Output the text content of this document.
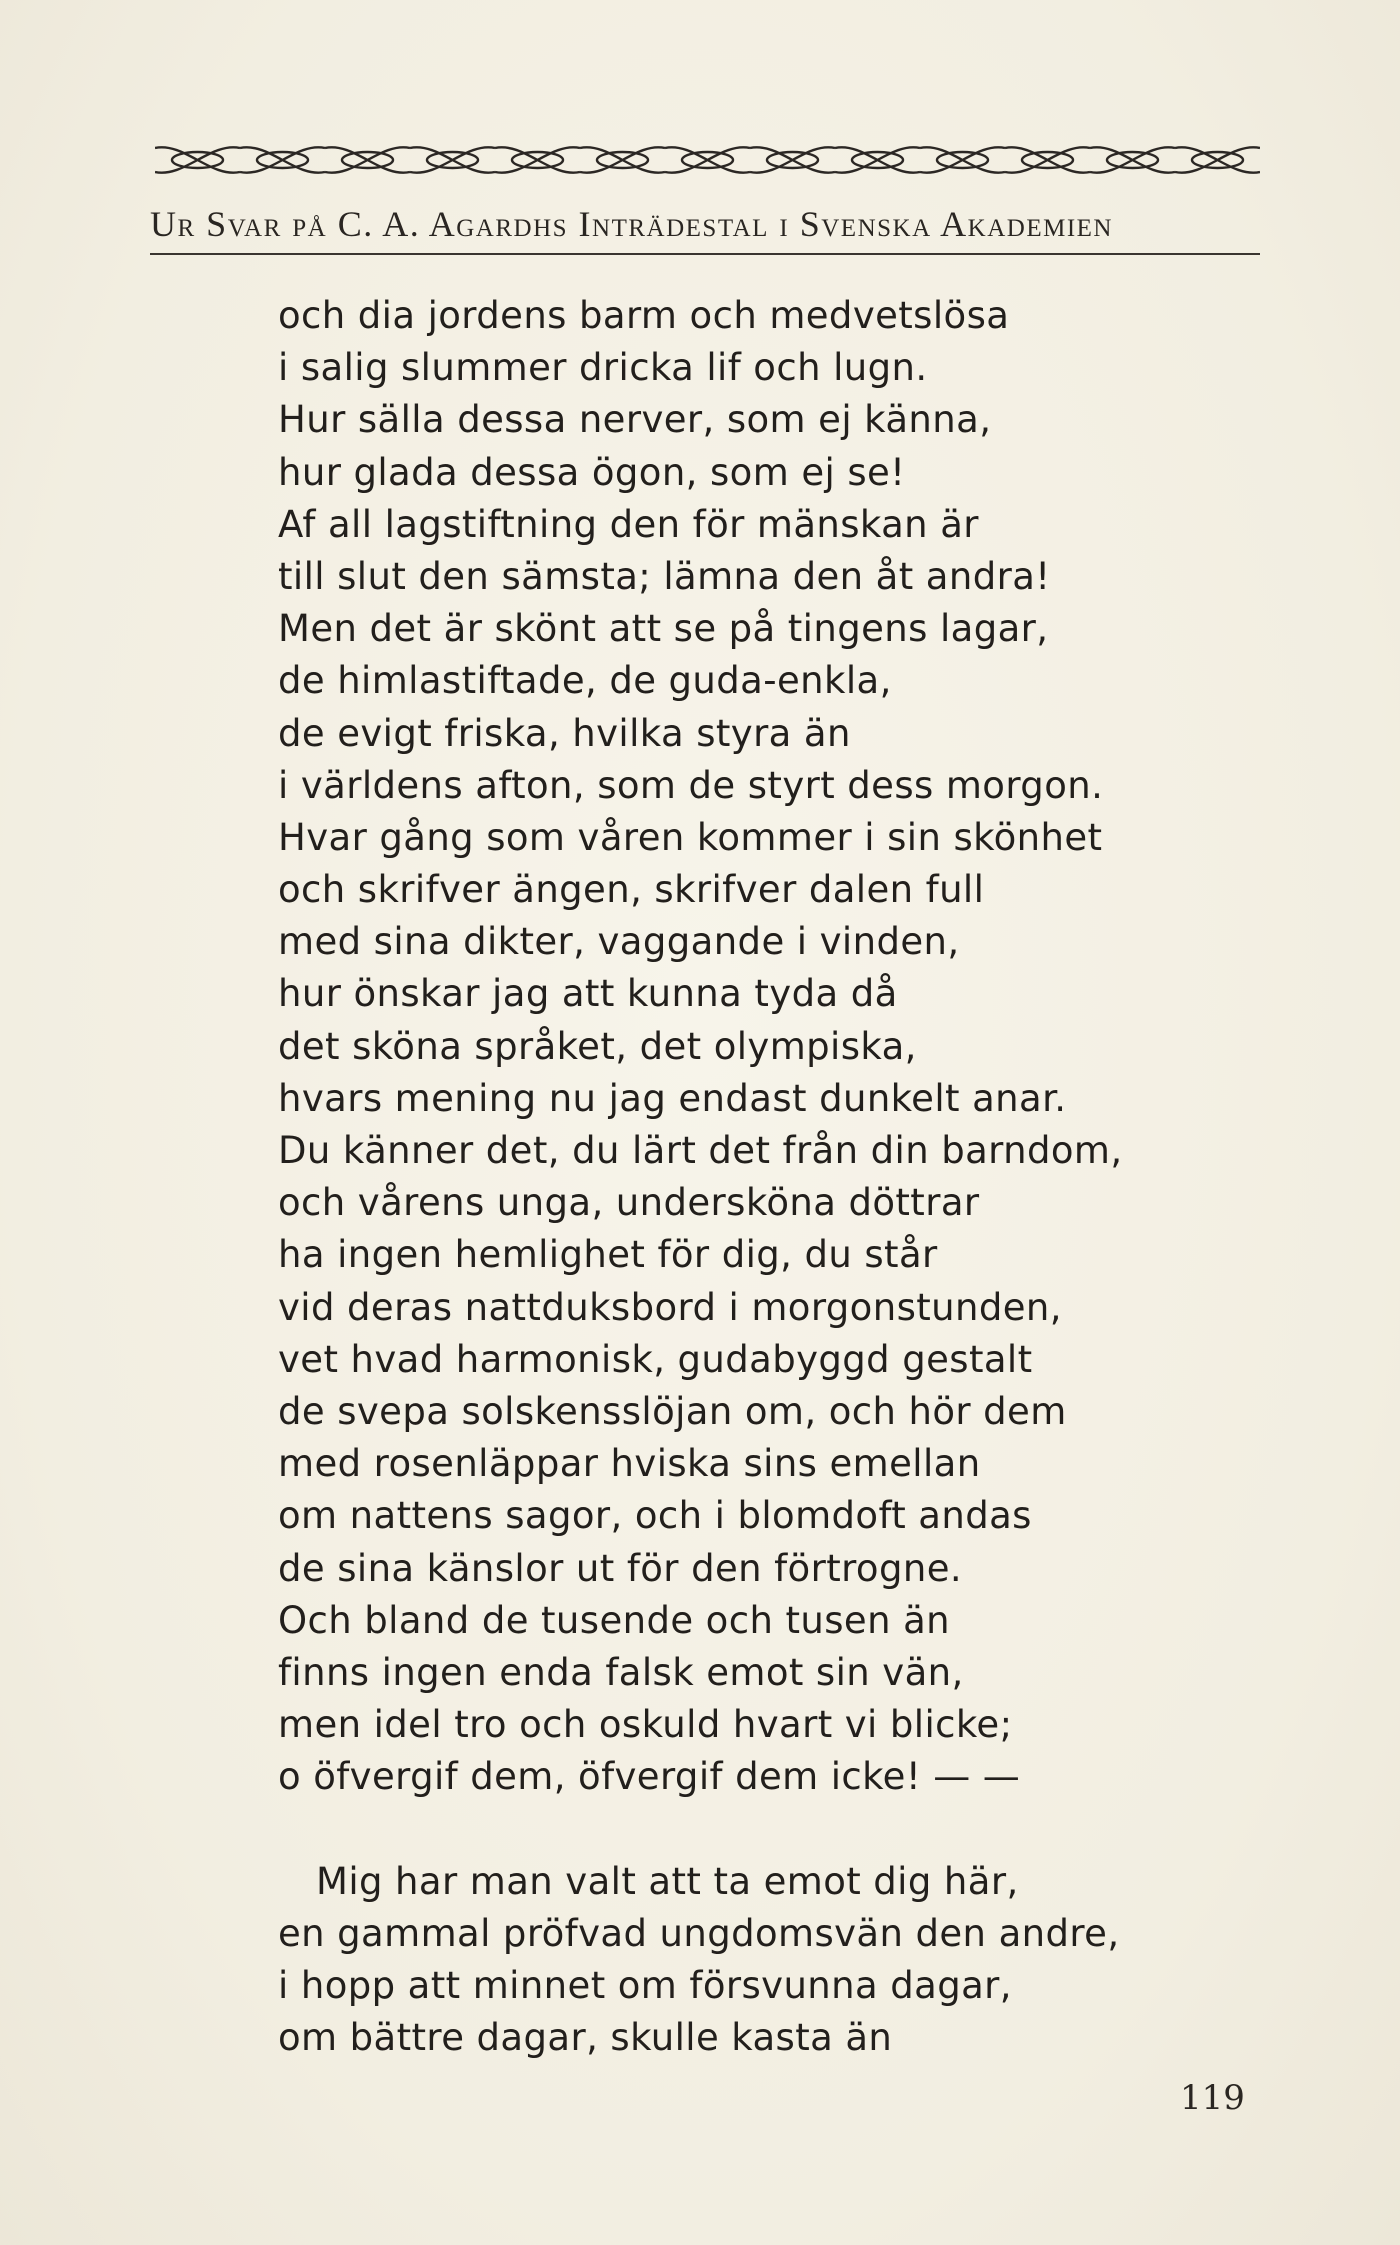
Ur Svar på C. A. Agardhs Inträdestal i Svenska Akademien
och dia jordens barm och medvetslösa
i salig slummer dricka lif och lugn.
Hur sälla dessa nerver, som ej känna,
hur glada dessa ögon, som ej se!
Af all lagstiftning den för mänskan är
till slut den sämsta; lämna den åt andra!
Men det är skönt att se på tingens lagar,
de himlastiftade, de guda-enkla,
de evigt friska, hvilka styra än
i världens afton, som de styrt dess morgon.
Hvar gång som våren kommer i sin skönhet
och skrifver ängen, skrifver dalen full
med sina dikter, vaggande i vinden,
hur önskar jag att kunna tyda då
det sköna språket, det olympiska,
hvars mening nu jag endast dunkelt anar.
Du känner det, du lärt det från din barndom,
och vårens unga, undersköna döttrar
ha ingen hemlighet för dig, du står
vid deras nattduksbord i morgonstunden,
vet hvad harmonisk, gudabyggd gestalt
de svepa solskensslöjan om, och hör dem
med rosenläppar hviska sins emellan
om nattens sagor, och i blomdoft andas
de sina känslor ut för den förtrogne.
Och bland de tusende och tusen än
finns ingen enda falsk emot sin vän,
men idel tro och oskuld hvart vi blicke;
o öfvergif dem, öfvergif dem icke! — —
Mig har man valt att ta emot dig här,
en gammal pröfvad ungdomsvän den andre,
i hopp att minnet om försvunna dagar,
om bättre dagar, skulle kasta än
119
